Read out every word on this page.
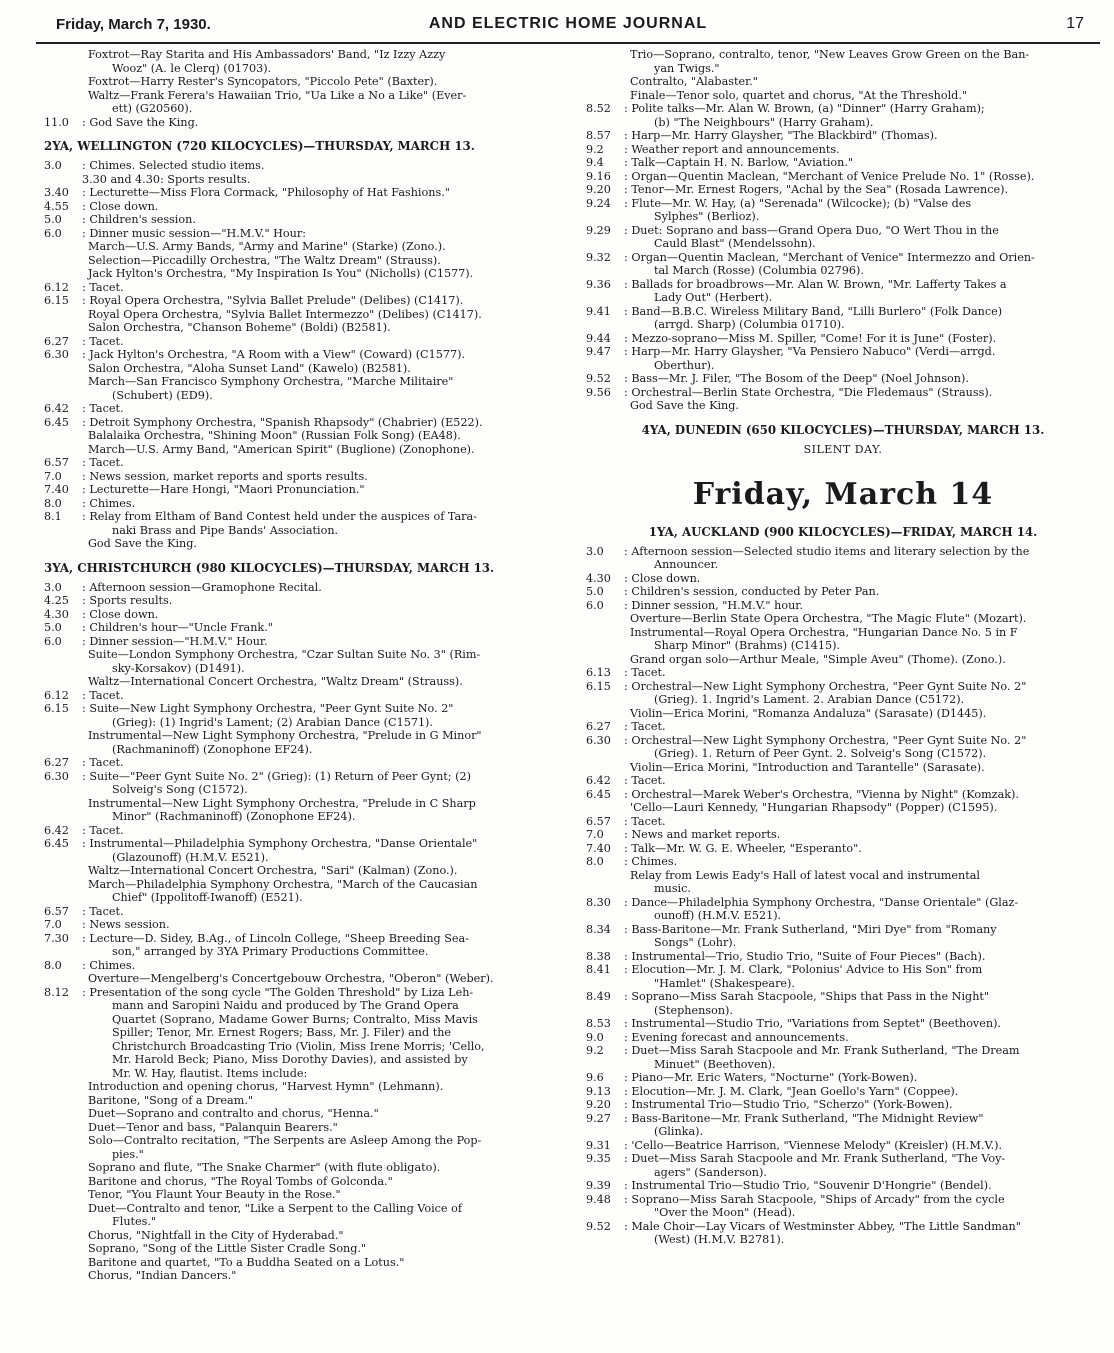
Friday, March 7, 1930.	AND ELECTRIC HOME JOURNAL	17
Foxtrot—Ray Starita and His Ambassadors' Band, "Iz Izzy Azzy
Wooz" (A. le Clerq) (01703).
Foxtrot—Harry Rester's Syncopators, "Piccolo Pete" (Baxter).
Waltz—Frank Ferera's Hawaiian Trio, "Ua Like a No a Like" (Ever-
ett) (G20560).
11.0 : God Save the King.
2YA, WELLINGTON (720 KILOCYCLES)—THURSDAY, MARCH 13.
3.0 : Chimes. Selected studio items.
3.30 and 4.30: Sports results.
3.40 : Lecturette—Miss Flora Cormack, "Philosophy of Hat Fashions."
4.55 : Close down.
5.0 : Children's session.
6.0 : Dinner music session—"H.M.V." Hour:
March—U.S. Army Bands, "Army and Marine" (Starke) (Zono.).
Selection—Piccadilly Orchestra, "The Waltz Dream" (Strauss).
Jack Hylton's Orchestra, "My Inspiration Is You" (Nicholls) (C1577).
6.12 : Tacet.
6.15 : Royal Opera Orchestra, "Sylvia Ballet Prelude" (Delibes) (C1417).
Royal Opera Orchestra, "Sylvia Ballet Intermezzo" (Delibes) (C1417).
Salon Orchestra, "Chanson Boheme" (Boldi) (B2581).
6.27 : Tacet.
6.30 : Jack Hylton's Orchestra, "A Room with a View" (Coward) (C1577).
Salon Orchestra, "Aloha Sunset Land" (Kawelo) (B2581).
March—San Francisco Symphony Orchestra, "Marche Militaire"
(Schubert) (ED9).
6.42 : Tacet.
6.45 : Detroit Symphony Orchestra, "Spanish Rhapsody" (Chabrier) (E522).
Balalaika Orchestra, "Shining Moon" (Russian Folk Song) (EA48).
March—U.S. Army Band, "American Spirit" (Buglione) (Zonophone).
6.57 : Tacet.
7.0 : News session, market reports and sports results.
7.40 : Lecturette—Hare Hongi, "Maori Pronunciation."
8.0 : Chimes.
8.1 : Relay from Eltham of Band Contest held under the auspices of Tara-
naki Brass and Pipe Bands' Association.
God Save the King.
3YA, CHRISTCHURCH (980 KILOCYCLES)—THURSDAY, MARCH 13.
3.0 : Afternoon session—Gramophone Recital.
4.25 : Sports results.
4.30 : Close down.
5.0 : Children's hour—"Uncle Frank."
6.0 : Dinner session—"H.M.V." Hour.
Suite—London Symphony Orchestra, "Czar Sultan Suite No. 3" (Rim-
sky-Korsakov) (D1491).
Waltz—International Concert Orchestra, "Waltz Dream" (Strauss).
6.12 : Tacet.
6.15 : Suite—New Light Symphony Orchestra, "Peer Gynt Suite No. 2"
(Grieg): (1) Ingrid's Lament; (2) Arabian Dance (C1571).
Instrumental—New Light Symphony Orchestra, "Prelude in G Minor"
(Rachmaninoff) (Zonophone EF24).
6.27 : Tacet.
6.30 : Suite—"Peer Gynt Suite No. 2" (Grieg): (1) Return of Peer Gynt; (2)
Solveig's Song (C1572).
Instrumental—New Light Symphony Orchestra, "Prelude in C Sharp
Minor" (Rachmaninoff) (Zonophone EF24).
6.42 : Tacet.
6.45 : Instrumental—Philadelphia Symphony Orchestra, "Danse Orientale"
(Glazounoff) (H.M.V. E521).
Waltz—International Concert Orchestra, "Sari" (Kalman) (Zono.).
March—Philadelphia Symphony Orchestra, "March of the Caucasian
Chief" (Ippolitoff-Iwanoff) (E521).
6.57 : Tacet.
7.0 : News session.
7.30 : Lecture—D. Sidey, B.Ag., of Lincoln College, "Sheep Breeding Sea-
son," arranged by 3YA Primary Productions Committee.
8.0 : Chimes.
Overture—Mengelberg's Concertgebouw Orchestra, "Oberon" (Weber).
8.12 : Presentation of the song cycle "The Golden Threshold" by Liza Leh-
mann and Saropini Naidu and produced by The Grand Opera
Quartet (Soprano, Madame Gower Burns; Contralto, Miss Mavis
Spiller; Tenor, Mr. Ernest Rogers; Bass, Mr. J. Filer) and the
Christchurch Broadcasting Trio (Violin, Miss Irene Morris; 'Cello,
Mr. Harold Beck; Piano, Miss Dorothy Davies), and assisted by
Mr. W. Hay, flautist. Items include:
Introduction and opening chorus, "Harvest Hymn" (Lehmann).
Baritone, "Song of a Dream."
Duet—Soprano and contralto and chorus, "Henna."
Duet—Tenor and bass, "Palanquin Bearers."
Solo—Contralto recitation, "The Serpents are Asleep Among the Pop-
pies."
Soprano and flute, "The Snake Charmer" (with flute obligato).
Baritone and chorus, "The Royal Tombs of Golconda."
Tenor, "You Flaunt Your Beauty in the Rose."
Duet—Contralto and tenor, "Like a Serpent to the Calling Voice of
Flutes."
Chorus, "Nightfall in the City of Hyderabad."
Soprano, "Song of the Little Sister Cradle Song."
Baritone and quartet, "To a Buddha Seated on a Lotus."
Chorus, "Indian Dancers."
Trio—Soprano, contralto, tenor, "New Leaves Grow Green on the Ban-
yan Twigs."
Contralto, "Alabaster."
Finale—Tenor solo, quartet and chorus, "At the Threshold."
8.52 : Polite talks—Mr. Alan W. Brown, (a) "Dinner" (Harry Graham);
(b) "The Neighbours" (Harry Graham).
8.57 : Harp—Mr. Harry Glaysher, "The Blackbird" (Thomas).
9.2 : Weather report and announcements.
9.4 : Talk—Captain H. N. Barlow, "Aviation."
9.16 : Organ—Quentin Maclean, "Merchant of Venice Prelude No. 1" (Rosse).
9.20 : Tenor—Mr. Ernest Rogers, "Achal by the Sea" (Rosada Lawrence).
9.24 : Flute—Mr. W. Hay, (a) "Serenada" (Wilcocke); (b) "Valse des
Sylphes" (Berlioz).
9.29 : Duet: Soprano and bass—Grand Opera Duo, "O Wert Thou in the
Cauld Blast" (Mendelssohn).
9.32 : Organ—Quentin Maclean, "Merchant of Venice" Intermezzo and Orien-
tal March (Rosse) (Columbia 02796).
9.36 : Ballads for broadbrows—Mr. Alan W. Brown, "Mr. Lafferty Takes a
Lady Out" (Herbert).
9.41 : Band—B.B.C. Wireless Military Band, "Lilli Burlero" (Folk Dance)
(arrgd. Sharp) (Columbia 01710).
9.44 : Mezzo-soprano—Miss M. Spiller, "Come! For it is June" (Foster).
9.47 : Harp—Mr. Harry Glaysher, "Va Pensiero Nabuco" (Verdi—arrgd.
Oberthur).
9.52 : Bass—Mr. J. Filer, "The Bosom of the Deep" (Noel Johnson).
9.56 : Orchestral—Berlin State Orchestra, "Die Fledemaus" (Strauss).
God Save the King.
4YA, DUNEDIN (650 KILOCYCLES)—THURSDAY, MARCH 13.
SILENT DAY.
Friday, March 14
1YA, AUCKLAND (900 KILOCYCLES)—FRIDAY, MARCH 14.
3.0 : Afternoon session—Selected studio items and literary selection by the
Announcer.
4.30 : Close down.
5.0 : Children's session, conducted by Peter Pan.
6.0 : Dinner session, "H.M.V." hour.
Overture—Berlin State Opera Orchestra, "The Magic Flute" (Mozart).
Instrumental—Royal Opera Orchestra, "Hungarian Dance No. 5 in F
Sharp Minor" (Brahms) (C1415).
Grand organ solo—Arthur Meale, "Simple Aveu" (Thome). (Zono.).
6.13 : Tacet.
6.15 : Orchestral—New Light Symphony Orchestra, "Peer Gynt Suite No. 2"
(Grieg). 1. Ingrid's Lament. 2. Arabian Dance (C5172).
Violin—Erica Morini, "Romanza Andaluza" (Sarasate) (D1445).
6.27 : Tacet.
6.30 : Orchestral—New Light Symphony Orchestra, "Peer Gynt Suite No. 2"
(Grieg). 1. Return of Peer Gynt. 2. Solveig's Song (C1572).
Violin—Erica Morini, "Introduction and Tarantelle" (Sarasate).
6.42 : Tacet.
6.45 : Orchestral—Marek Weber's Orchestra, "Vienna by Night" (Komzak).
'Cello—Lauri Kennedy, "Hungarian Rhapsody" (Popper) (C1595).
6.57 : Tacet.
7.0 : News and market reports.
7.40 : Talk—Mr. W. G. E. Wheeler, "Esperanto".
8.0 : Chimes.
Relay from Lewis Eady's Hall of latest vocal and instrumental
music.
8.30 : Dance—Philadelphia Symphony Orchestra, "Danse Orientale" (Glaz-
ounoff) (H.M.V. E521).
8.34 : Bass-Baritone—Mr. Frank Sutherland, "Miri Dye" from "Romany
Songs" (Lohr).
8.38 : Instrumental—Trio, Studio Trio, "Suite of Four Pieces" (Bach).
8.41 : Elocution—Mr. J. M. Clark, "Polonius' Advice to His Son" from
"Hamlet" (Shakespeare).
8.49 : Soprano—Miss Sarah Stacpoole, "Ships that Pass in the Night"
(Stephenson).
8.53 : Instrumental—Studio Trio, "Variations from Septet" (Beethoven).
9.0 : Evening forecast and announcements.
9.2 : Duet—Miss Sarah Stacpoole and Mr. Frank Sutherland, "The Dream
Minuet" (Beethoven).
9.6 : Piano—Mr. Eric Waters, "Nocturne" (York-Bowen).
9.13 : Elocution—Mr. J. M. Clark, "Jean Goello's Yarn" (Coppee).
9.20 : Instrumental Trio—Studio Trio, "Scherzo" (York-Bowen).
9.27 : Bass-Baritone—Mr. Frank Sutherland, "The Midnight Review"
(Glinka).
9.31 : 'Cello—Beatrice Harrison, "Viennese Melody" (Kreisler) (H.M.V.).
9.35 : Duet—Miss Sarah Stacpoole and Mr. Frank Sutherland, "The Voy-
agers" (Sanderson).
9.39 : Instrumental Trio—Studio Trio, "Souvenir D'Hongrie" (Bendel).
9.48 : Soprano—Miss Sarah Stacpoole, "Ships of Arcady" from the cycle
"Over the Moon" (Head).
9.52 : Male Choir—Lay Vicars of Westminster Abbey, "The Little Sandman"
(West) (H.M.V. B2781).
